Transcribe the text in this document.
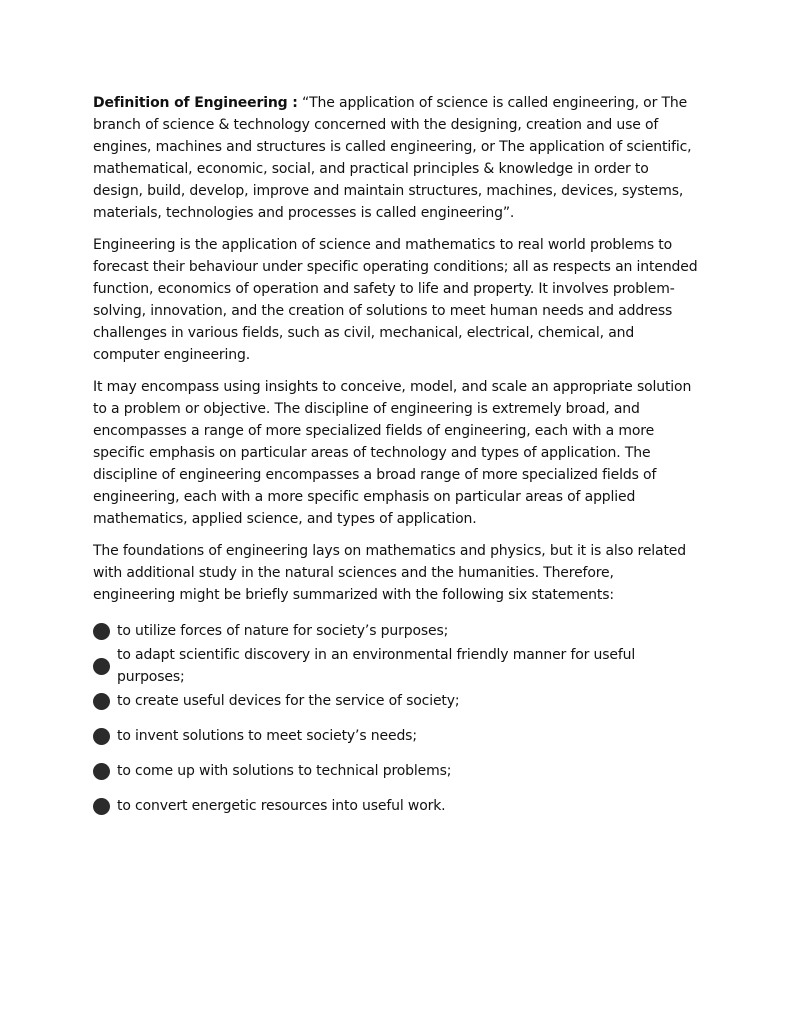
Definition of Engineering : “The application of science is called engineering, or The branch of science & technology concerned with the designing, creation and use of engines, machines and structures is called engineering, or The application of scientific, mathematical, economic, social, and practical principles & knowledge in order to design, build, develop, improve and maintain structures, machines, devices, systems, materials, technologies and processes is called engineering”.

Engineering is the application of science and mathematics to real world problems to forecast their behaviour under specific operating conditions; all as respects an intended function, economics of operation and safety to life and property. It involves problem-solving, innovation, and the creation of solutions to meet human needs and address challenges in various fields, such as civil, mechanical, electrical, chemical, and computer engineering.

It may encompass using insights to conceive, model, and scale an appropriate solution to a problem or objective. The discipline of engineering is extremely broad, and encompasses a range of more specialized fields of engineering, each with a more specific emphasis on particular areas of technology and types of application. The discipline of engineering encompasses a broad range of more specialized fields of engineering, each with a more specific emphasis on particular areas of applied mathematics, applied science, and types of application.

The foundations of engineering lays on mathematics and physics, but it is also related with additional study in the natural sciences and the humanities. Therefore, engineering might be briefly summarized with the following six statements:

to utilize forces of nature for society’s purposes;
to adapt scientific discovery in an environmental friendly manner for useful purposes;
to create useful devices for the service of society;
to invent solutions to meet society’s needs;
to come up with solutions to technical problems;
to convert energetic resources into useful work.
